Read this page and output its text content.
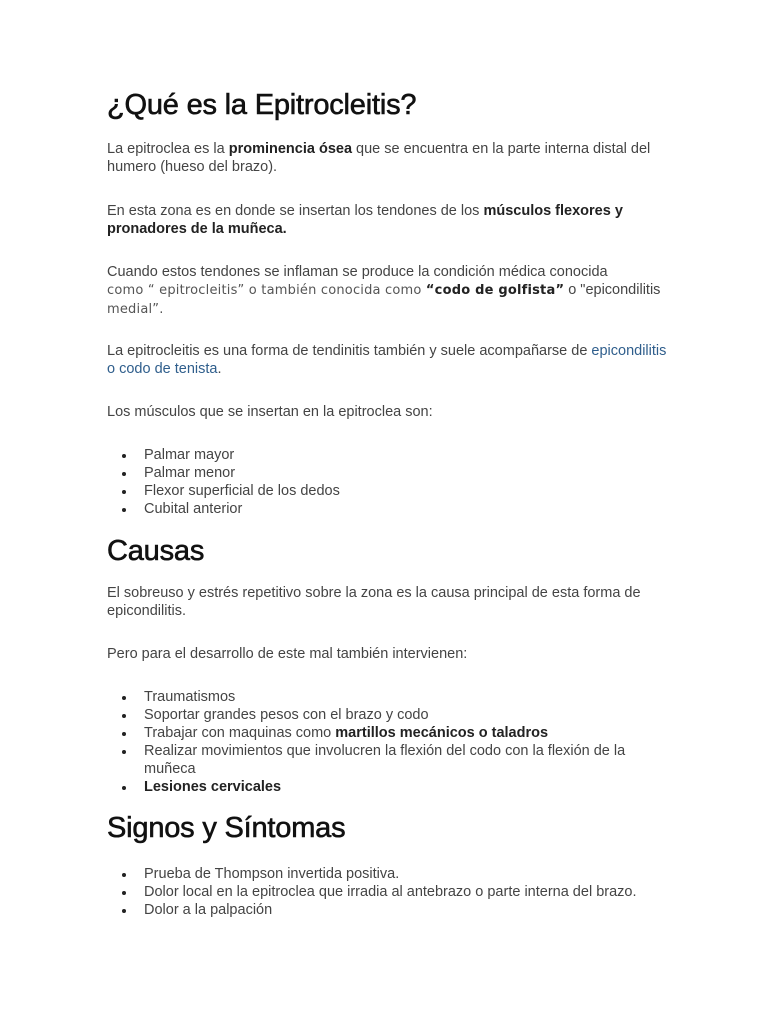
¿Qué es la Epitrocleitis?

La epitroclea es la prominencia ósea que se encuentra en la parte interna distal del humero (hueso del brazo).

En esta zona es en donde se insertan los tendones de los músculos flexores y pronadores de la muñeca.

Cuando estos tendones se inflaman se produce la condición médica conocida
como “ epitrocleitis” o también conocida como “codo de golfista” o "epicondilitis
medial”.

La epitrocleitis es una forma de tendinitis también y suele acompañarse de epicondilitis o codo de tenista.

Los músculos que se insertan en la epitroclea son:

Palmar mayor
Palmar menor
Flexor superficial de los dedos
Cubital anterior
Causas

El sobreuso y estrés repetitivo sobre la zona es la causa principal de esta forma de epicondilitis.

Pero para el desarrollo de este mal también intervienen:

Traumatismos
Soportar grandes pesos con el brazo y codo
Trabajar con maquinas como martillos mecánicos o taladros
Realizar movimientos que involucren la flexión del codo con la flexión de la muñeca
Lesiones cervicales
Signos y Síntomas
Prueba de Thompson invertida positiva.
Dolor local en la epitroclea que irradia al antebrazo o parte interna del brazo.
Dolor a la palpación
